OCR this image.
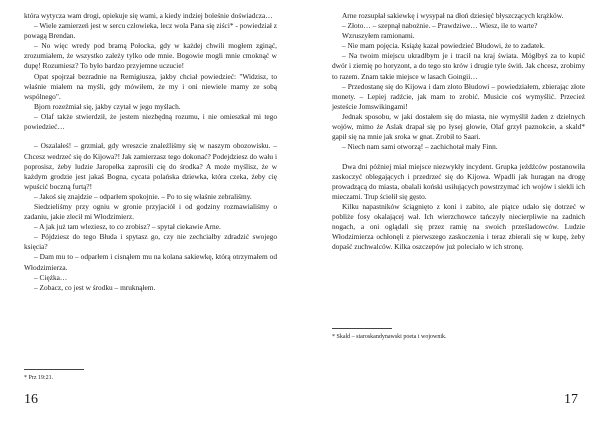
która wytycza wam drogi, opiekuje się wami, a kiedy indziej boleśnie doświadcza…

– Wiele zamierzeń jest w sercu człowieka, lecz wola Pana się ziści* - powiedział z powagą Brendan.

– No więc wredy pod bramą Połocka, gdy w każdej chwili mogłem zginąć, zrozumiałem, że wszystko zależy tylko ode mnie. Bogowie mogli mnie cmoknąć w dupę! Rozumiesz? To było bardzo przyjemne uczucie!

Opat spojrzał bezradnie na Remigiusza, jakby chciał powiedzieć: "Widzisz, to właśnie miałem na myśli, gdy mówiłem, że my i oni niewiele mamy ze sobą wspólnego".

Bjorn rozeźmiał się, jakby czytał w jego myślach.

– Olaf także stwierdził, że jestem niezbędną rozumu, i nie omieszkał mi tego powiedzieć…

– Oszalałeś! – grzmiał, gdy wreszcie znaleźliśmy się w naszym obozowisku. – Chcesz wedrzeć się do Kijowa?! Jak zamierzasz tego dokonać? Podejdziesz do wału i poprosisz, żeby ludzie Jaropełka zaprosili cię do środka? A może myślisz, że w każdym grodzie jest jakaś Bogna, cycata polańska dziewka, która czeka, żeby cię wpuścić boczną furtą?!

– Jakoś się znajdzie – odparłem spokojnie. – Po to się właśnie zebraliśmy.

Siedzieliśmy przy ogniu w gronie przyjaciół i od godziny rozmawialiśmy o zadaniu, jakie zlecił mi Włodzimierz.

– A jak już tam wleziesz, to co zrobisz? – spytał ciekawie Arne.

– Pójdziesz do tego Błuda i spytasz go, czy nie zechciałby zdradzić swojego księcia?

– Dam mu to – odparłem i cisnąłem mu na kolana sakiewkę, którą otrzymałem od Włodzimierza.

– Ciężka…

– Zobacz, co jest w środku – mruknąłem.

* Prz 19:21.
16

Arne rozsupłał sakiewkę i wysypał na dłoń dziesięć błyszczących krążków.

– Złoto… – szepnął nabożnie. – Prawdziwe… Wiesz, ile to warte?

Wzruszyłem ramionami.

– Nie mam pojęcia. Książę kazał powiedzieć Błudowi, że to zadatek.

– Na twoim miejscu ukradłbym je i tracił na kraj świata. Mógłbyś za to kupić dwór i ziemię po horyzont, a do tego sto krów i drugie tyle świń. Jak chcesz, zrobimy to razem. Znam takie miejsce w lasach Goingii…

– Przedostanę się do Kijowa i dam złoto Błudowi – powiedziałem, zbierając złote monety. – Lepiej radźcie, jak mam to zrobić. Musicie coś wymyślić. Przecież jesteście Jomswikingami!

Jednak sposobu, w jaki dostałem się do miasta, nie wymyślił żaden z dzielnych wojów, mimo że Aslak drapał się po łysej głowie, Olaf grzył paznokcie, a skald* gapił się na mnie jak sroka w gnat. Zrobił to Saari.

– Niech nam sami otworzą! – zachichotał mały Finn.

Dwa dni później miał miejsce niezwykły incydent. Grupka jeźdźców postanowiła zaskoczyć oblegających i przedrzeć się do Kijowa. Wpadli jak huragan na drogę prowadzącą do miasta, obalali koński usiłujących powstrzymać ich wojów i siekli ich mieczami. Trup ściełił się gęsto.

Kilku napastników ściągnięto z koni i zabito, ale piątce udało się dotrzeć w pobliże fosy okalającej wał. Ich wierzchowce tańczyły niecierpliwie na zadnich nogach, a oni oglądali się przez ramię na swoich prześladowców. Ludzie Włodzimierza ochłonęli z pierwszego zaskoczenia i teraz zbierali się w kupę, żeby dopaść zuchwalców. Kilka oszczepów już poleciało w ich stronę.

* Skald – staroskandynawski poeta i wojownik.
17
